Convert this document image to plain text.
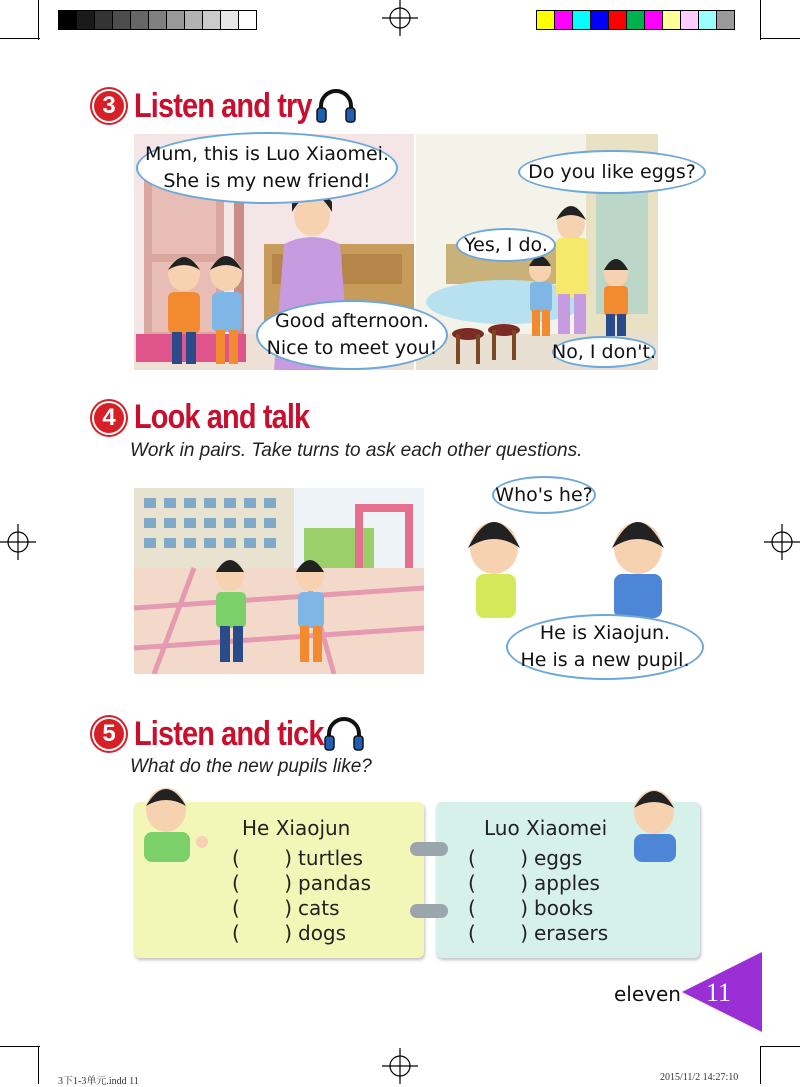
3 Listen and try
Mum, this is Luo Xiaomei.
She is my new friend!
Good afternoon.
Nice to meet you!
Do you like eggs?
Yes, I do.
No, I don't.
4 Look and talk
Work in pairs. Take turns to ask each other questions.
Who's he?
He is Xiaojun.
He is a new pupil.
5 Listen and tick
What do the new pupils like?
He Xiaojun	Luo Xiaomei
( ) turtles
( ) pandas
( ) cats
( ) dogs
( ) eggs
( ) apples
( ) books
( ) erasers
eleven 11
3下1-3单元.indd 11	2015/11/2 14:27:10
